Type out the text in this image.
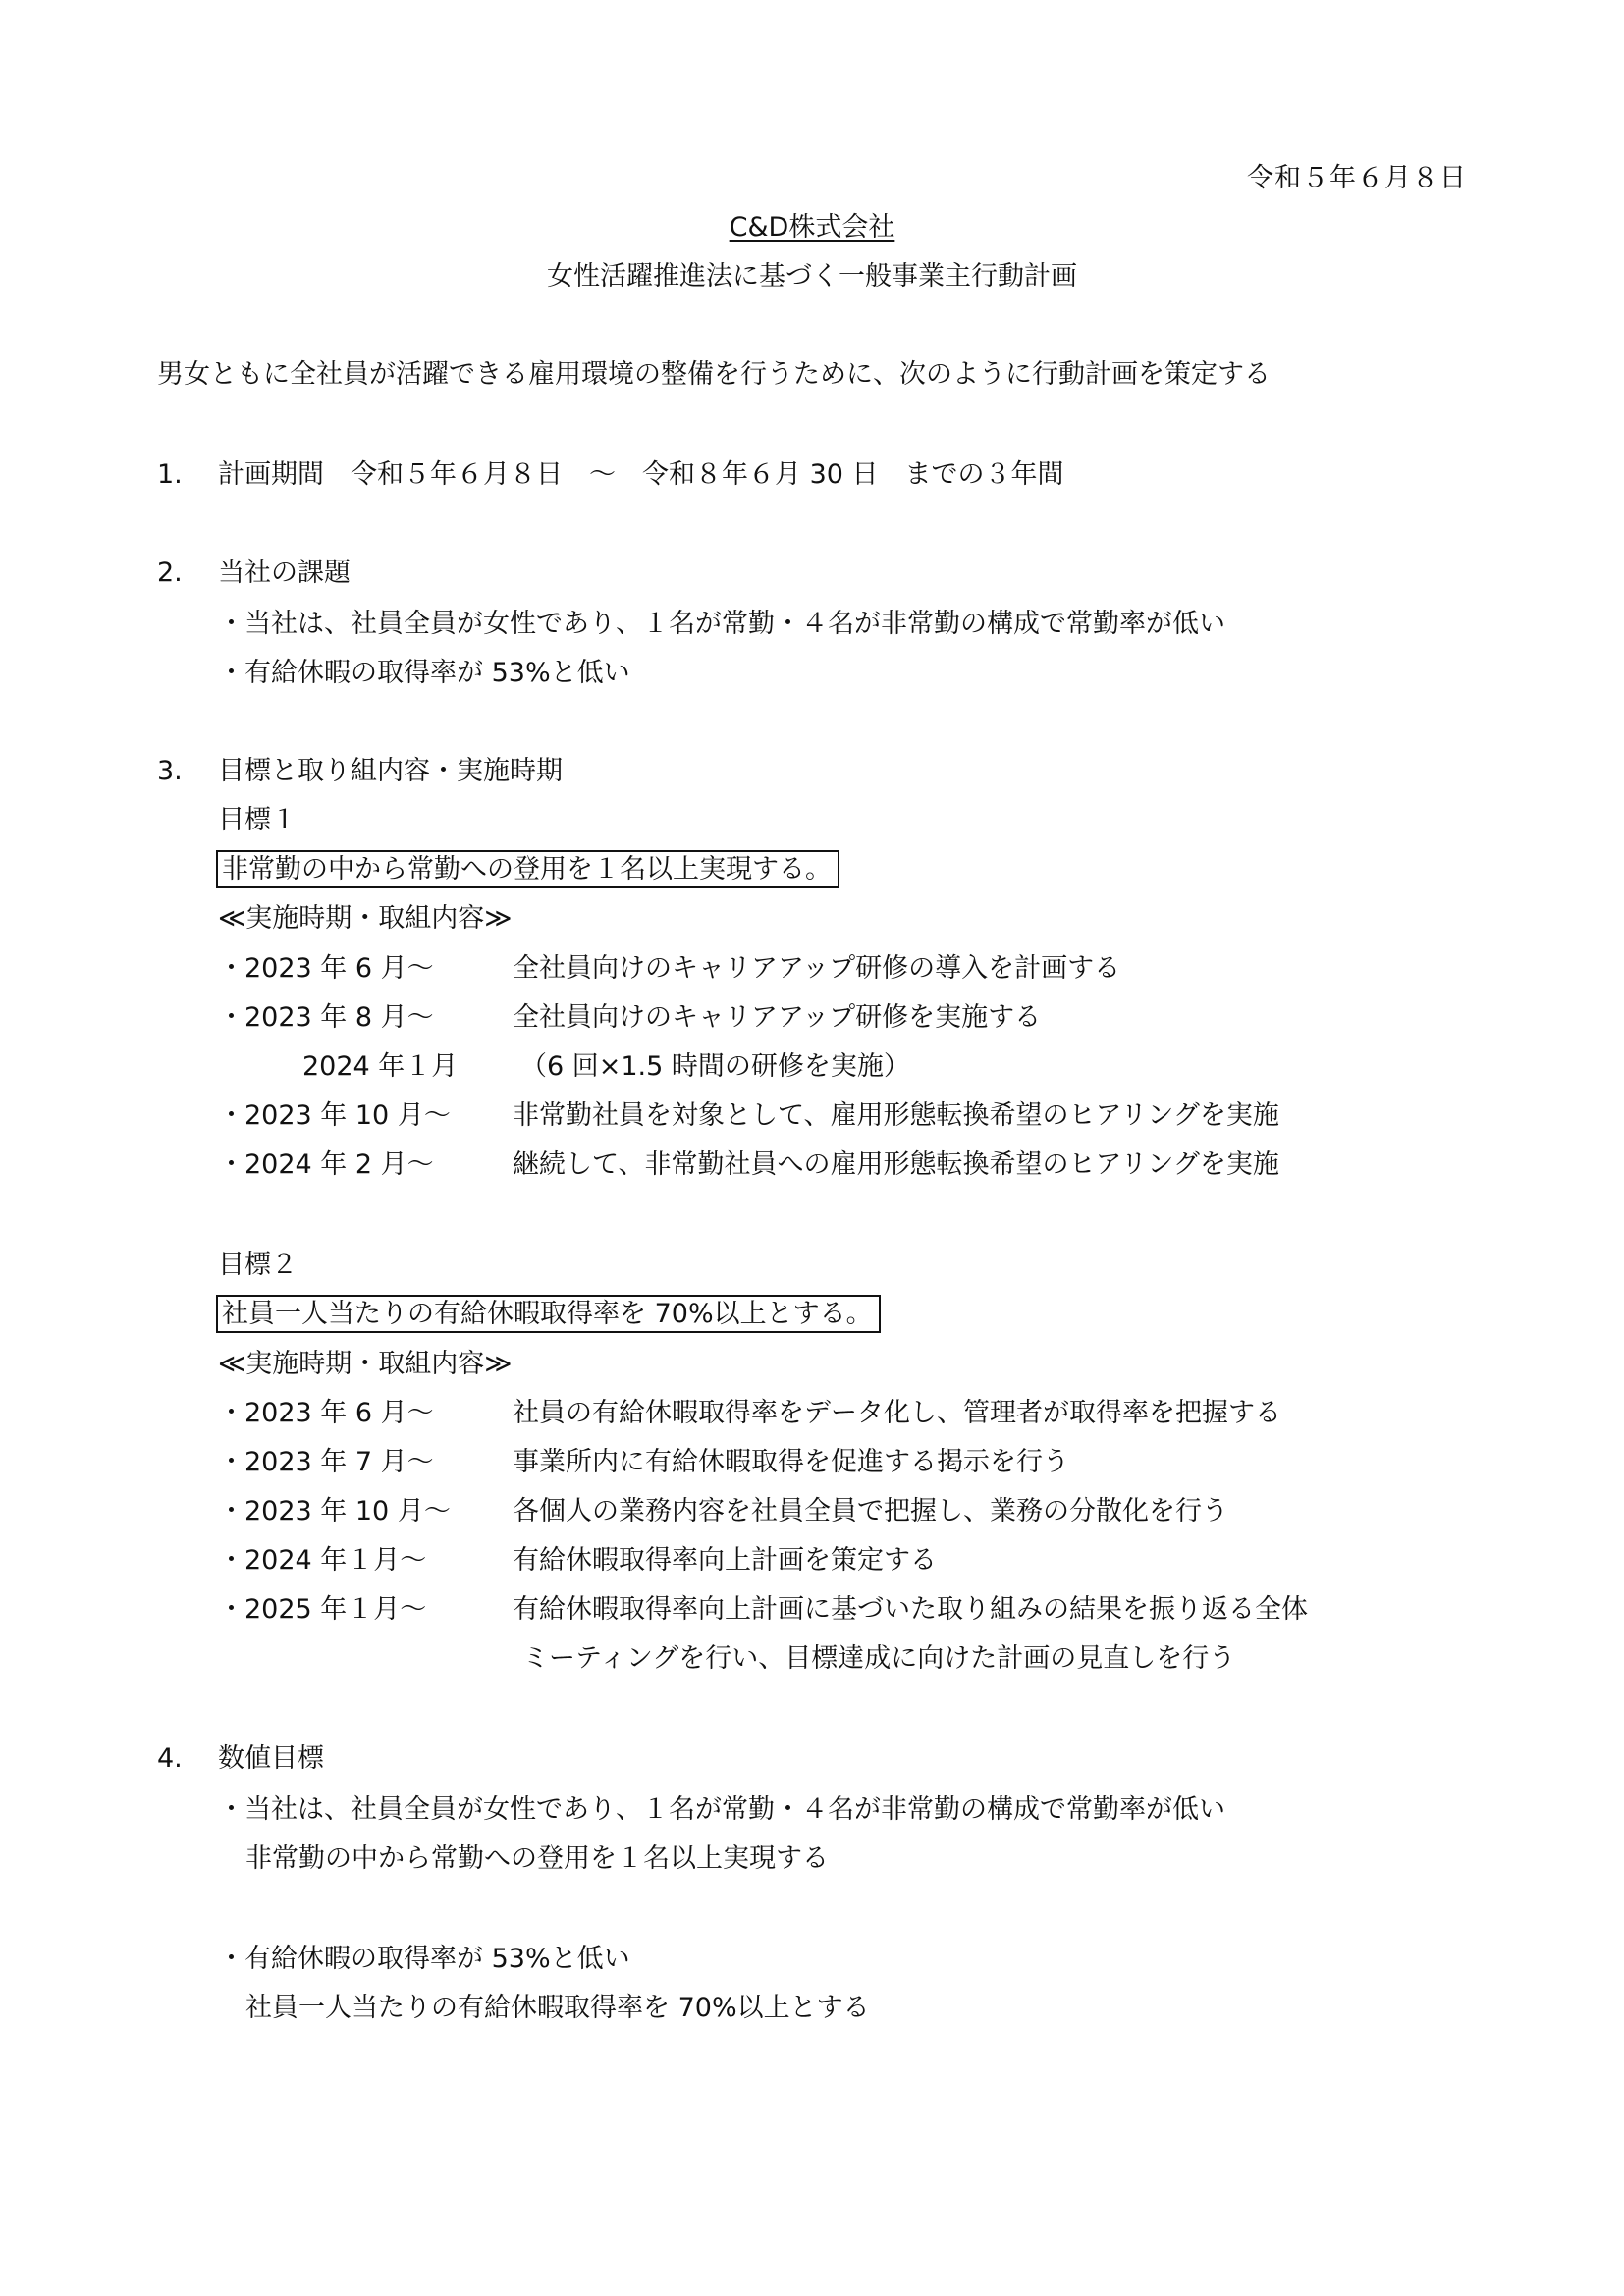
令和５年６月８日
C&D株式会社
女性活躍推進法に基づく一般事業主行動計画
男女ともに全社員が活躍できる雇用環境の整備を行うために、次のように行動計画を策定する
1. 計画期間　令和５年６月８日　～　令和８年６月 30 日　までの３年間
2. 当社の課題
・当社は、社員全員が女性であり、１名が常勤・４名が非常勤の構成で常勤率が低い
・有給休暇の取得率が 53%と低い
3. 目標と取り組内容・実施時期
目標１
非常勤の中から常勤への登用を１名以上実現する。
≪実施時期・取組内容≫
・2023 年 6 月～	全社員向けのキャリアアップ研修の導入を計画する
・2023 年 8 月～	全社員向けのキャリアアップ研修を実施する
2024 年１月 （6 回×1.5 時間の研修を実施）
・2023 年 10 月～ 非常勤社員を対象として、雇用形態転換希望のヒアリングを実施
・2024 年 2 月～	継続して、非常勤社員への雇用形態転換希望のヒアリングを実施
目標２
社員一人当たりの有給休暇取得率を 70%以上とする。
≪実施時期・取組内容≫
・2023 年 6 月～	社員の有給休暇取得率をデータ化し、管理者が取得率を把握する
・2023 年 7 月～	事業所内に有給休暇取得を促進する掲示を行う
・2023 年 10 月～ 各個人の業務内容を社員全員で把握し、業務の分散化を行う
・2024 年１月～	有給休暇取得率向上計画を策定する
・2025 年１月～	有給休暇取得率向上計画に基づいた取り組みの結果を振り返る全体
ミーティングを行い、目標達成に向けた計画の見直しを行う
4. 数値目標
・当社は、社員全員が女性であり、１名が常勤・４名が非常勤の構成で常勤率が低い
非常勤の中から常勤への登用を１名以上実現する
・有給休暇の取得率が 53%と低い
社員一人当たりの有給休暇取得率を 70%以上とする
